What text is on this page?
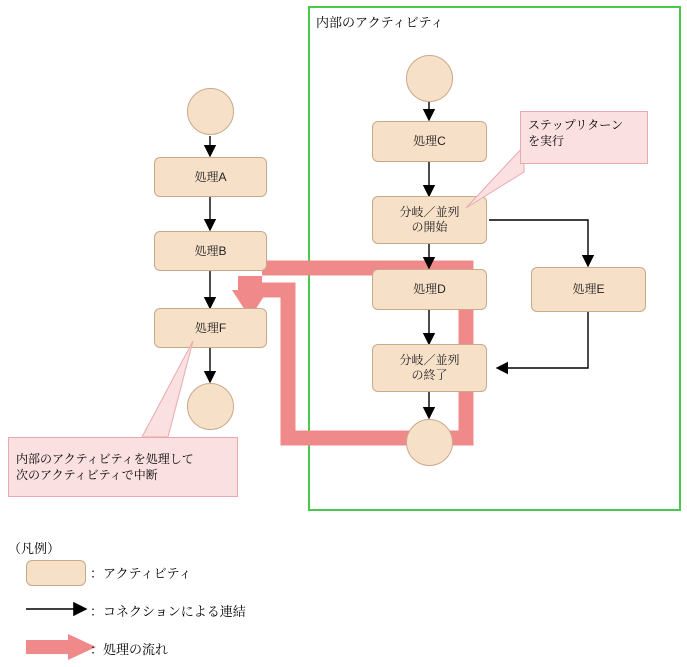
内部のアクティビティ
処理A
処理B
処理F
処理C
分岐／並列
の開始
処理D	処理E
分岐／並列
の終了
ステップリターン
を実行
内部のアクティビティを処理して
次のアクティビティで中断
（凡例）
：アクティビティ
：コネクションによる連結
：処理の流れ
